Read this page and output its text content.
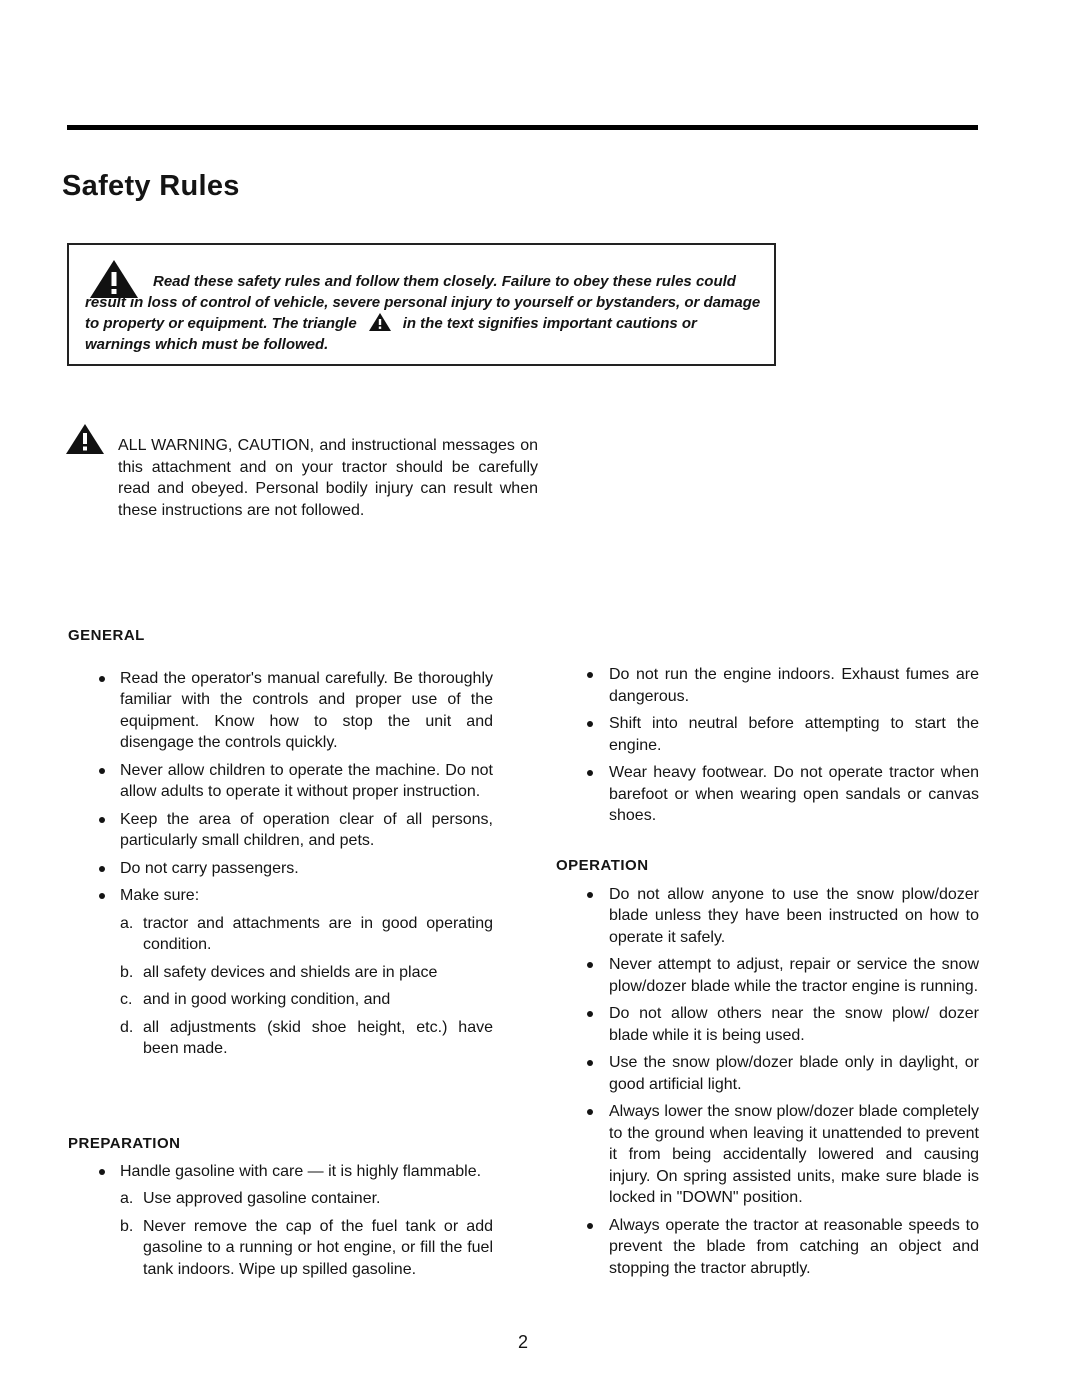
Safety Rules

Read these safety rules and follow them closely. Failure to obey these rules could result in loss of control of vehicle, severe personal injury to yourself or bystanders, or damage to property or equipment. The triangle	in the text signifies important cautions or warnings which must be followed.

ALL WARNING, CAUTION, and instructional messages on this attachment and on your tractor should be carefully read and obeyed. Personal bodily injury can result when these instructions are not followed.

GENERAL
Read the operator's manual carefully. Be thoroughly familiar with the controls and proper use of the equipment. Know how to stop the unit and disengage the controls quickly.
Never allow children to operate the machine. Do not allow adults to operate it without proper instruction.
Keep the area of operation clear of all persons, particularly small children, and pets.
Do not carry passengers.
Make sure:
a. tractor and attachments are in good operating condition.
b. all safety devices and shields are in place
c. and in good working condition, and
d. all adjustments (skid shoe height, etc.) have been made.
PREPARATION
Handle gasoline with care — it is highly flammable.
a. Use approved gasoline container.
b. Never remove the cap of the fuel tank or add gasoline to a running or hot engine, or fill the fuel tank indoors. Wipe up spilled gasoline.
Do not run the engine indoors. Exhaust fumes are dangerous.
Shift into neutral before attempting to start the engine.
Wear heavy footwear. Do not operate tractor when barefoot or when wearing open sandals or canvas shoes.
OPERATION
Do not allow anyone to use the snow plow/dozer blade unless they have been instructed on how to operate it safely.
Never attempt to adjust, repair or service the snow plow/dozer blade while the tractor engine is running.
Do not allow others near the snow plow/ dozer blade while it is being used.
Use the snow plow/dozer blade only in daylight, or good artificial light.
Always lower the snow plow/dozer blade completely to the ground when leaving it unattended to prevent it from being accidentally lowered and causing injury. On spring assisted units, make sure blade is locked in "DOWN" position.
Always operate the tractor at reasonable speeds to prevent the blade from catching an object and stopping the tractor abruptly.
2
